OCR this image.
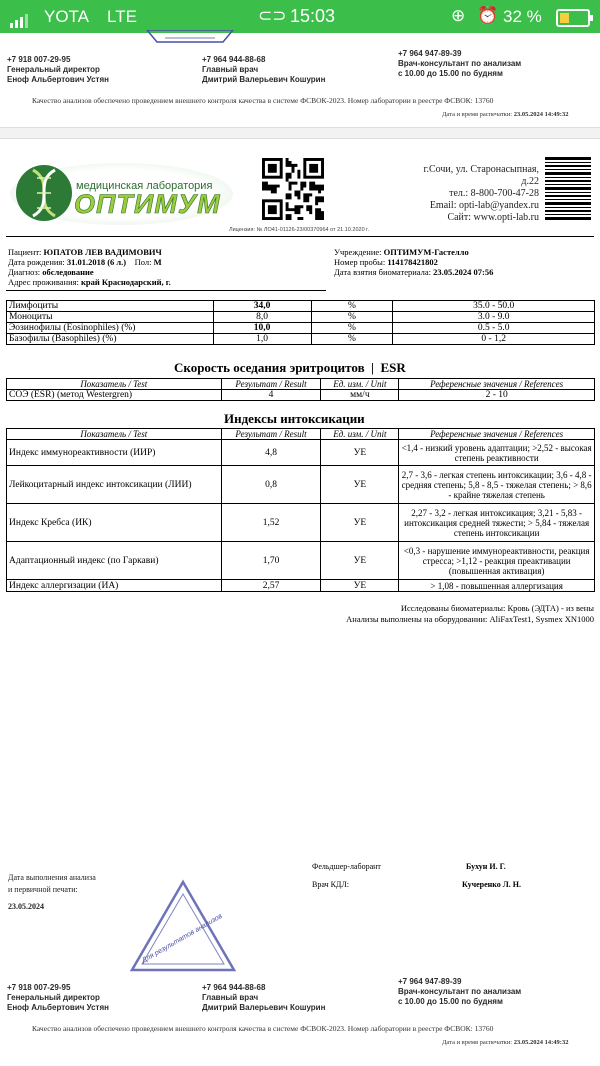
YOTA LTE	⊂⊃ 15:03	⊕ ⏰ 32 %
+7 918 007-29-95
Генеральный директор
Еноф Альбертович Устян
+7 964 944-88-68
Главный врач
Дмитрий Валерьевич Кошурин
+7 964 947-89-39
Врач-консультант по анализам
с 10.00 до 15.00 по будням
Качество анализов обеспечено проведением внешнего контроля качества в системе ФСВОК-2023. Номер лаборатории в реестре ФСВОК: 13760
Дата и время распечатки: 23.05.2024 14:49:32
медицинская лаборатория
ОПТИМУМ
г.Сочи, ул. Старонасыпная,
д.22
тел.: 8-800-700-47-28
Email: opti-lab@yandex.ru
Сайт: www.opti-lab.ru
Лицензия: № ЛО41-01126-23/00370964 от 21.10.2020 г.
Пациент: ЮПАТОВ ЛЕВ ВАДИМОВИЧ
Дата рождения: 31.01.2018 (6 л.) Пол: М
Диагноз: обследование
Адрес проживания: край Краснодарский, г.
Учреждение: ОПТИМУМ-Гастелло
Номер пробы: 114178421802
Дата взятия биоматериала: 23.05.2024 07:56
Лимфоциты	34,0	%	35.0 - 50.0
Моноциты	8,0	%	3.0 - 9.0
Эозинофилы (Eosinophiles) (%)	10,0	%	0.5 - 5.0
Базофилы (Basophiles) (%)	1,0	%	0 - 1,2
Скорость оседания эритроцитов  |  ESR
Показатель / Test	Результат / Result	Ед. изм. / Unit	Референсные значения / References
СОЭ (ESR) (метод Westergren)	4	мм/ч	2 - 10
Индексы интоксикации
Показатель / Test	Результат / Result	Ед. изм. / Unit	Референсные значения / References
Индекс иммунореактивности (ИИР)	4,8	УЕ	<1,4 - низкий уровень адаптации; >2,52 - высокая степень реактивности
Лейкоцитарный индекс интоксикации (ЛИИ)	0,8	УЕ	2,7 - 3,6 - легкая степень интоксикации; 3,6 - 4,8 - средняя степень; 5,8 - 8,5 - тяжелая степень; > 8,6 - крайне тяжелая степень
Индекс Кребса (ИК)	1,52	УЕ	2,27 - 3,2 - легкая интоксикация; 3,21 - 5,83 - интоксикация средней тяжести; > 5,84 - тяжелая степень интоксикации
Адаптационный индекс (по Гаркави)	1,70	УЕ	<0,3 - нарушение иммунореактивности, реакция стресса; >1,12 - реакция преактивации (повышенная активация)
Индекс аллергизации (ИА)	2,57	УЕ	> 1,08 - повышенная аллергизация
Исследованы биоматериалы: Кровь (ЭДТА) - из вены
Анализы выполнены на оборудовании: AliFaxTest1, Sysmex XN1000
Дата выполнения анализа
и первичной печати:
23.05.2024
Фельдшер-лаборант	Бухун И. Г.
Врач КДЛ:	Кучеренко Л. Н.
Для результатов анализов
+7 918 007-29-95
Генеральный директор
Еноф Альбертович Устян
+7 964 944-88-68
Главный врач
Дмитрий Валерьевич Кошурин
+7 964 947-89-39
Врач-консультант по анализам
с 10.00 до 15.00 по будням
Качество анализов обеспечено проведением внешнего контроля качества в системе ФСВОК-2023. Номер лаборатории в реестре ФСВОК: 13760
Дата и время распечатки: 23.05.2024 14:49:32
